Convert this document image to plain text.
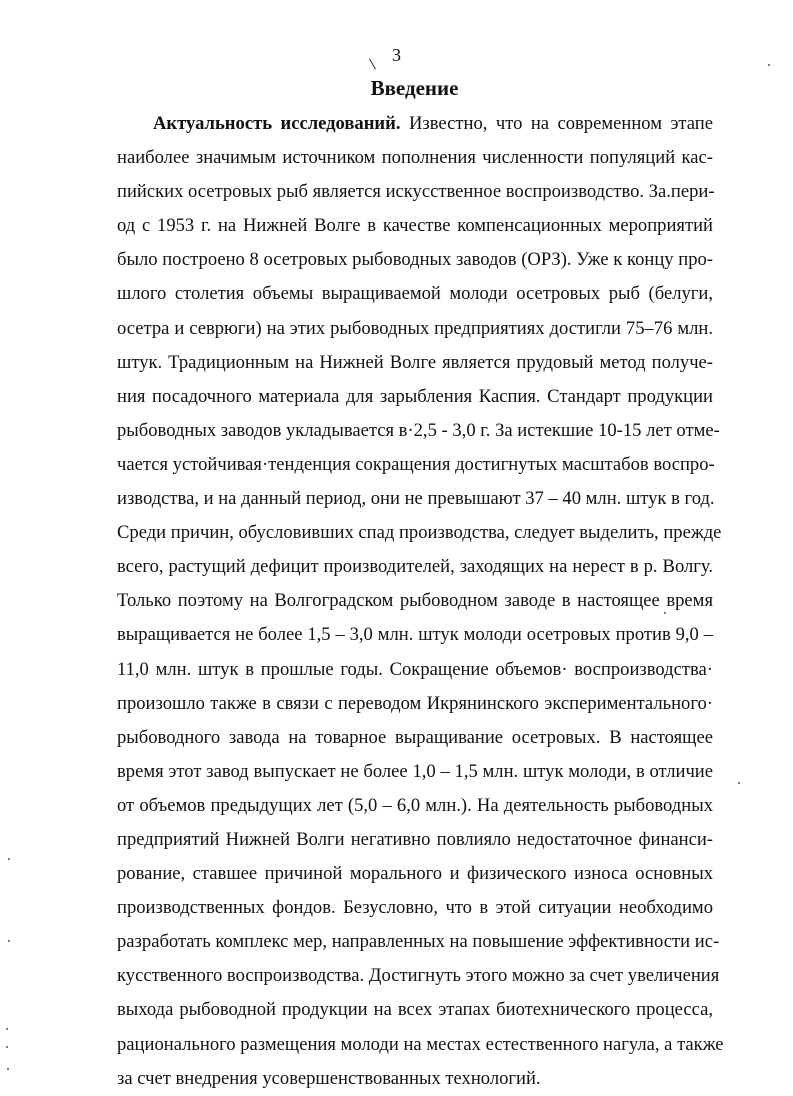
3
Введение
Актуальность исследований. Известно, что на современном этапе
наиболее значимым источником пополнения численности популяций кас-
пийских осетровых рыб является искусственное воспроизводство. За.пери-
од с 1953 г. на Нижней Волге в качестве компенсационных мероприятий
было построено 8 осетровых рыбоводных заводов (ОРЗ). Уже к концу про-
шлого столетия объемы выращиваемой молоди осетровых рыб (белуги,
осетра и севрюги) на этих рыбоводных предприятиях достигли 75–76 млн.
штук. Традиционным на Нижней Волге является прудовый метод получе-
ния посадочного материала для зарыбления Каспия. Стандарт продукции
рыбоводных заводов укладывается в·2,5 - 3,0 г. За истекшие 10-15 лет отме-
чается устойчивая·тенденция сокращения достигнутых масштабов воспро-
изводства, и на данный период, они не превышают 37 – 40 млн. штук в год.
Среди причин, обусловивших спад производства, следует выделить, прежде
всего, растущий дефицит производителей, заходящих на нерест в р. Волгу.
Только поэтому на Волгоградском рыбоводном заводе в настоящее время
выращивается не более 1,5 – 3,0 млн. штук молоди осетровых против 9,0 –
11,0 млн. штук в прошлые годы. Сокращение объемов· воспроизводства·
произошло также в связи с переводом Икрянинского экспериментального·
рыбоводного завода на товарное выращивание осетровых. В настоящее
время этот завод выпускает не более 1,0 – 1,5 млн. штук молоди, в отличие
от объемов предыдущих лет (5,0 – 6,0 млн.). На деятельность рыбоводных
предприятий Нижней Волги негативно повлияло недостаточное финанси-
рование, ставшее причиной морального и физического износа основных
производственных фондов. Безусловно, что в этой ситуации необходимо
разработать комплекс мер, направленных на повышение эффективности ис-
кусственного воспроизводства. Достигнуть этого можно за счет увеличения
выхода рыбоводной продукции на всех этапах биотехнического процесса,
рационального размещения молоди на местах естественного нагула, а также
за счет внедрения усовершенствованных технологий.
